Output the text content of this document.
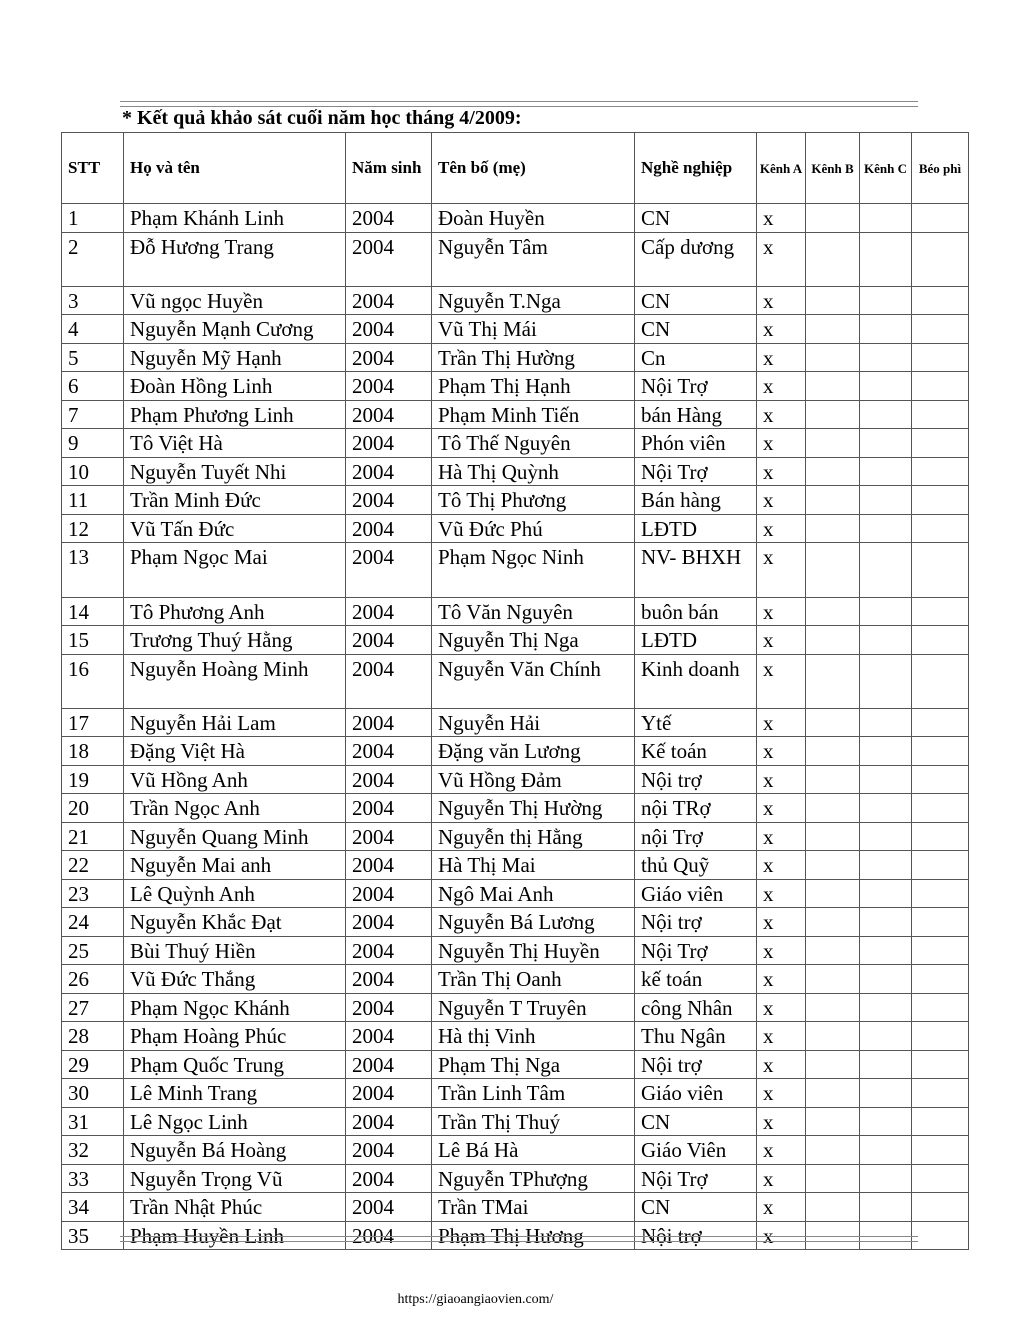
* Kết quả khảo sát cuối năm học tháng 4/2009:
STT	Họ và tên	Năm sinh	Tên bố (mẹ)	Nghề nghiệp	Kênh A	Kênh B	Kênh C	Béo phì
1	Phạm Khánh Linh	2004	Đoàn Huyền	CN	x			
2	Đỗ Hương Trang	2004	Nguyễn Tâm	Cấp dương	x			
3	Vũ ngọc Huyền	2004	Nguyễn T.Nga	CN	x			
4	Nguyễn Mạnh Cương	2004	Vũ Thị Mái	CN	x			
5	Nguyễn Mỹ Hạnh	2004	Trần Thị Hường	Cn	x			
6	Đoàn Hồng Linh	2004	Phạm Thị Hạnh	Nội Trợ	x			
7	Phạm Phương Linh	2004	Phạm Minh Tiến	bán Hàng	x			
9	Tô Việt Hà	2004	Tô Thế Nguyên	Phón viên	x			
10	Nguyễn Tuyết Nhi	2004	Hà Thị Quỳnh	Nội Trợ	x			
11	Trần Minh Đức	2004	Tô Thị Phương	Bán hàng	x			
12	Vũ Tấn Đức	2004	Vũ Đức Phú	LĐTD	x			
13	Phạm Ngọc Mai	2004	Phạm Ngọc Ninh	NV- BHXH	x			
14	Tô Phương Anh	2004	Tô Văn Nguyên	buôn bán	x			
15	Trương Thuý Hằng	2004	Nguyễn Thị Nga	LĐTD	x			
16	Nguyễn Hoàng Minh	2004	Nguyễn Văn Chính	Kinh doanh	x			
17	Nguyễn Hải Lam	2004	Nguyễn Hải	Ytế	x			
18	Đặng Việt Hà	2004	Đặng văn Lương	Kế toán	x			
19	Vũ Hồng Anh	2004	Vũ Hồng Đảm	Nội trợ	x			
20	Trần Ngọc Anh	2004	Nguyễn Thị Hường	nội TRợ	x			
21	Nguyễn Quang Minh	2004	Nguyễn thị Hằng	nội Trợ	x			
22	Nguyễn Mai anh	2004	Hà Thị Mai	thủ Quỹ	x			
23	Lê Quỳnh Anh	2004	Ngô Mai Anh	Giáo viên	x			
24	Nguyễn Khắc Đạt	2004	Nguyễn Bá Lương	Nội trợ	x			
25	Bùi Thuý Hiền	2004	Nguyễn Thị Huyền	Nội Trợ	x			
26	Vũ Đức Thắng	2004	Trần Thị Oanh	kế toán	x			
27	Phạm Ngọc Khánh	2004	Nguyễn T Truyên	công Nhân	x			
28	Phạm Hoàng Phúc	2004	Hà thị Vinh	Thu Ngân	x			
29	Phạm Quốc Trung	2004	Phạm Thị Nga	Nội trợ	x			
30	Lê Minh Trang	2004	Trần Linh Tâm	Giáo viên	x			
31	Lê Ngọc Linh	2004	Trần Thị Thuý	CN	x			
32	Nguyễn Bá Hoàng	2004	Lê Bá Hà	Giáo Viên	x			
33	Nguyễn Trọng Vũ	2004	Nguyễn TPhượng	Nội Trợ	x			
34	Trần Nhật Phúc	2004	Trần TMai	CN	x			
35	Phạm Huyền Linh	2004	Phạm Thị Hương	Nội trợ	x			
https://giaoangiaovien.com/
